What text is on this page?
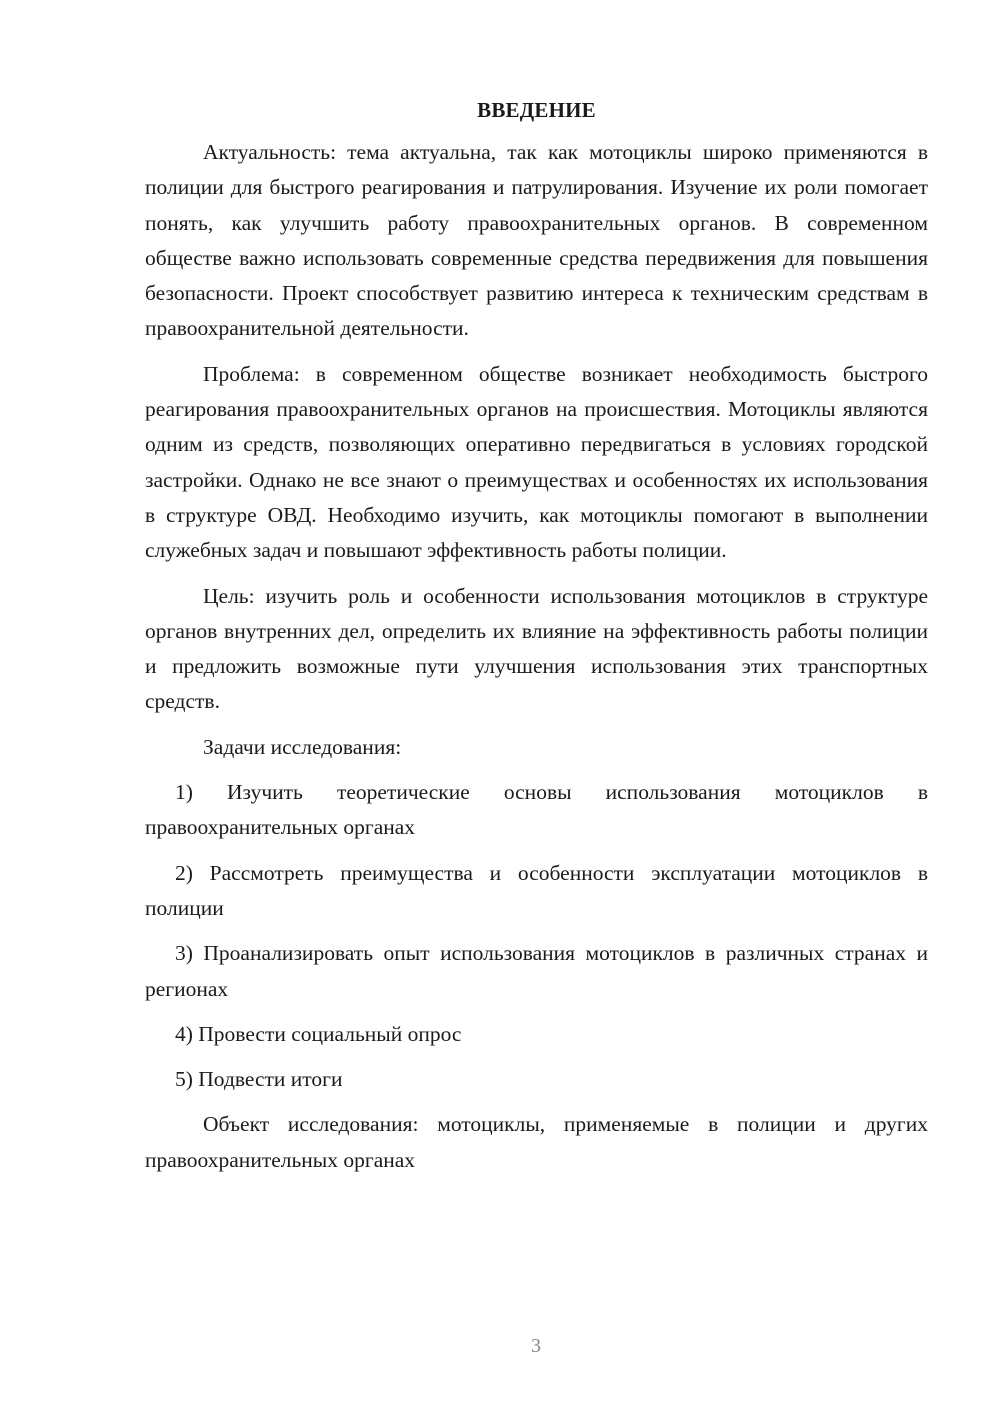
ВВЕДЕНИЕ

Актуальность: тема актуальна, так как мотоциклы широко применяются в полиции для быстрого реагирования и патрулирования. Изучение их роли помогает понять, как улучшить работу правоохранительных органов. В современном обществе важно использовать современные средства передвижения для повышения безопасности. Проект способствует развитию интереса к техническим средствам в правоохранительной деятельности.

Проблема: в современном обществе возникает необходимость быстрого реагирования правоохранительных органов на происшествия. Мотоциклы являются одним из средств, позволяющих оперативно передвигаться в условиях городской застройки. Однако не все знают о преимуществах и особенностях их использования в структуре ОВД. Необходимо изучить, как мотоциклы помогают в выполнении служебных задач и повышают эффективность работы полиции.

Цель: изучить роль и особенности использования мотоциклов в структуре органов внутренних дел, определить их влияние на эффективность работы полиции и предложить возможные пути улучшения использования этих транспортных средств.

Задачи исследования:

1) Изучить теоретические основы использования мотоциклов в правоохранительных органах

2) Рассмотреть преимущества и особенности эксплуатации мотоциклов в полиции

3) Проанализировать опыт использования мотоциклов в различных странах и регионах

4) Провести социальный опрос

5) Подвести итоги

Объект исследования: мотоциклы, применяемые в полиции и других правоохранительных органах

3
